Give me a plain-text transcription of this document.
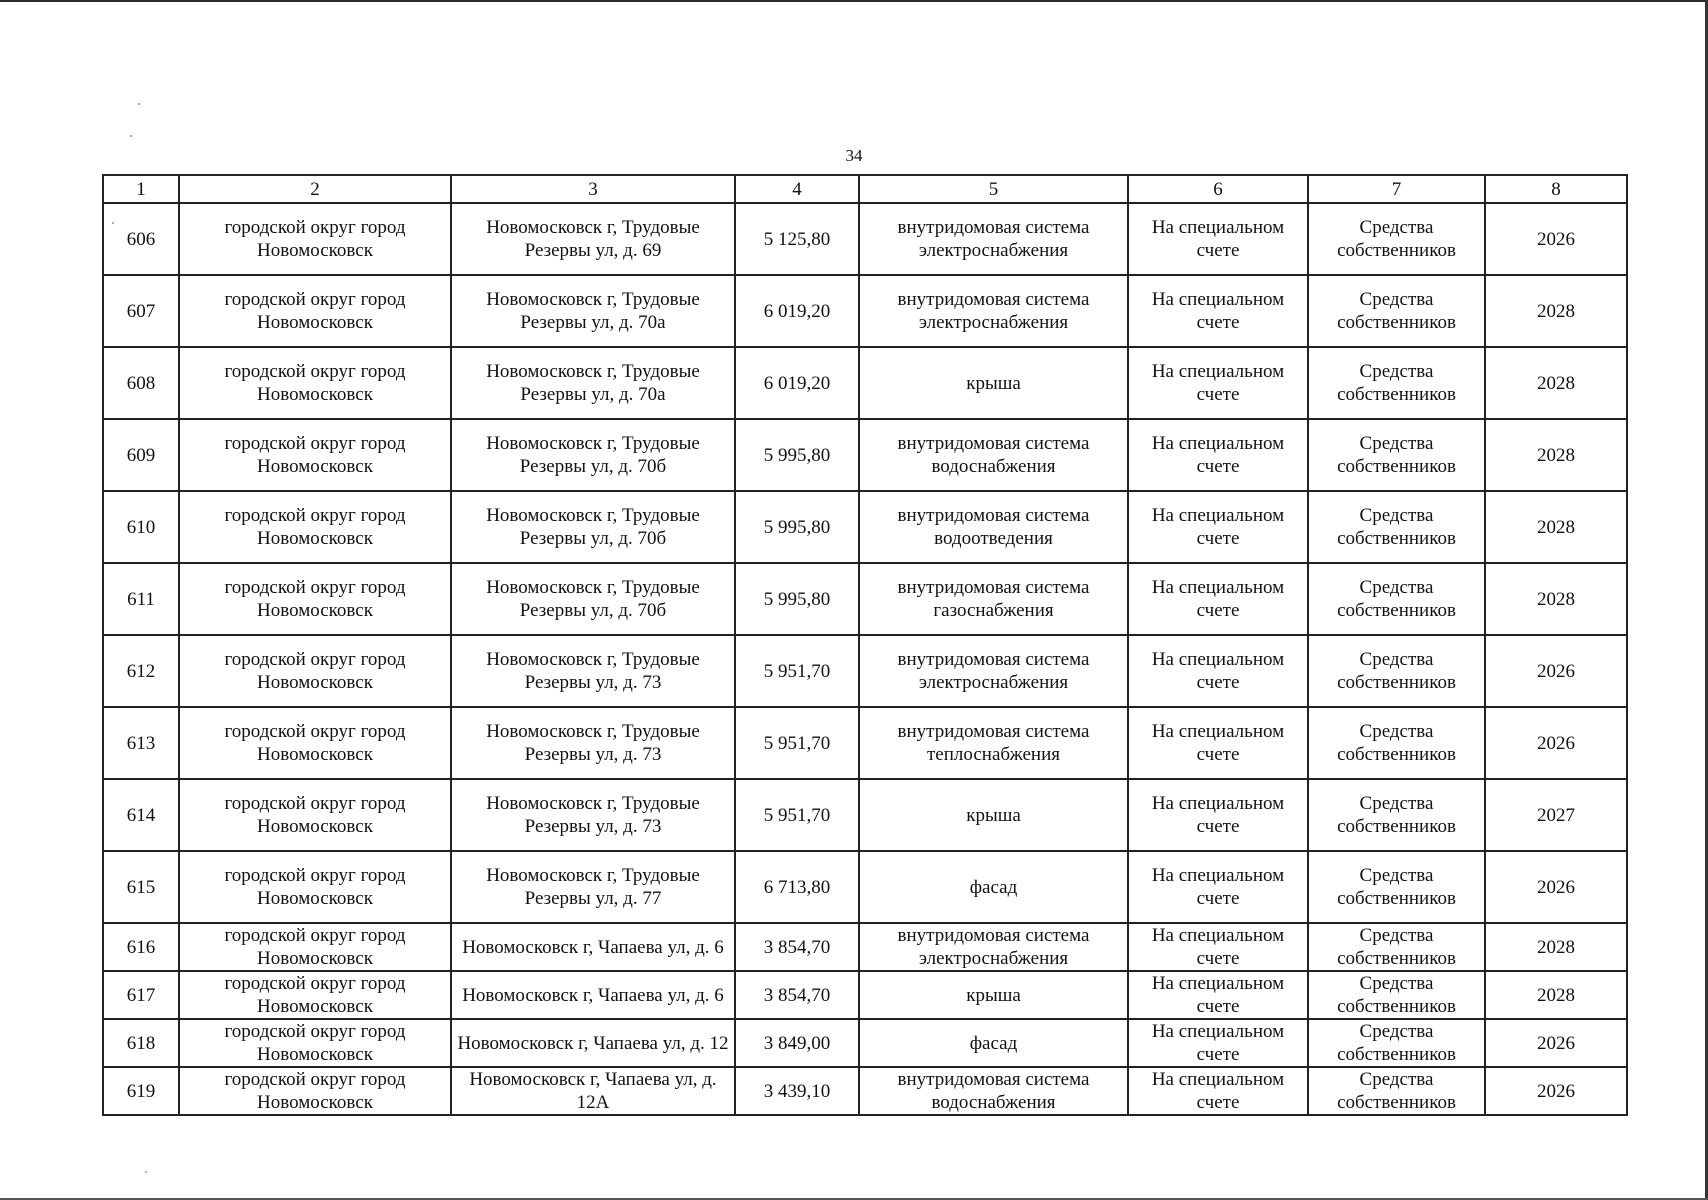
34
1	2	3	4	5	6	7	8
606	городской округ город Новомосковск	Новомосковск г, Трудовые Резервы ул, д. 69	5 125,80	внутридомовая система электроснабжения	На специальном счете	Средства собственников	2026
607	городской округ город Новомосковск	Новомосковск г, Трудовые Резервы ул, д. 70а	6 019,20	внутридомовая система электроснабжения	На специальном счете	Средства собственников	2028
608	городской округ город Новомосковск	Новомосковск г, Трудовые Резервы ул, д. 70а	6 019,20	крыша	На специальном счете	Средства собственников	2028
609	городской округ город Новомосковск	Новомосковск г, Трудовые Резервы ул, д. 70б	5 995,80	внутридомовая система водоснабжения	На специальном счете	Средства собственников	2028
610	городской округ город Новомосковск	Новомосковск г, Трудовые Резервы ул, д. 70б	5 995,80	внутридомовая система водоотведения	На специальном счете	Средства собственников	2028
611	городской округ город Новомосковск	Новомосковск г, Трудовые Резервы ул, д. 70б	5 995,80	внутридомовая система газоснабжения	На специальном счете	Средства собственников	2028
612	городской округ город Новомосковск	Новомосковск г, Трудовые Резервы ул, д. 73	5 951,70	внутридомовая система электроснабжения	На специальном счете	Средства собственников	2026
613	городской округ город Новомосковск	Новомосковск г, Трудовые Резервы ул, д. 73	5 951,70	внутридомовая система теплоснабжения	На специальном счете	Средства собственников	2026
614	городской округ город Новомосковск	Новомосковск г, Трудовые Резервы ул, д. 73	5 951,70	крыша	На специальном счете	Средства собственников	2027
615	городской округ город Новомосковск	Новомосковск г, Трудовые Резервы ул, д. 77	6 713,80	фасад	На специальном счете	Средства собственников	2026
616	городской округ город Новомосковск	Новомосковск г, Чапаева ул, д. 6	3 854,70	внутридомовая система электроснабжения	На специальном счете	Средства собственников	2028
617	городской округ город Новомосковск	Новомосковск г, Чапаева ул, д. 6	3 854,70	крыша	На специальном счете	Средства собственников	2028
618	городской округ город Новомосковск	Новомосковск г, Чапаева ул, д. 12	3 849,00	фасад	На специальном счете	Средства собственников	2026
619	городской округ город Новомосковск	Новомосковск г, Чапаева ул, д. 12А	3 439,10	внутридомовая система водоснабжения	На специальном счете	Средства собственников	2026
